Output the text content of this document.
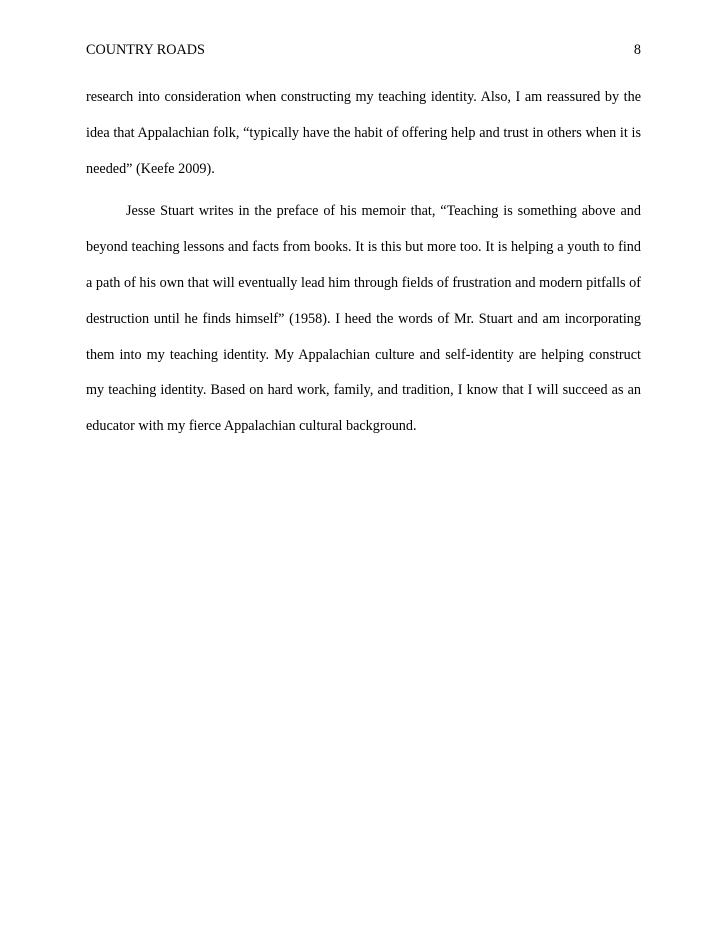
COUNTRY ROADS	8

research into consideration when constructing my teaching identity. Also, I am reassured by the idea that Appalachian folk, “typically have the habit of offering help and trust in others when it is needed” (Keefe 2009).

Jesse Stuart writes in the preface of his memoir that, “Teaching is something above and beyond teaching lessons and facts from books. It is this but more too. It is helping a youth to find a path of his own that will eventually lead him through fields of frustration and modern pitfalls of destruction until he finds himself” (1958). I heed the words of Mr. Stuart and am incorporating them into my teaching identity. My Appalachian culture and self-identity are helping construct my teaching identity. Based on hard work, family, and tradition, I know that I will succeed as an educator with my fierce Appalachian cultural background.
